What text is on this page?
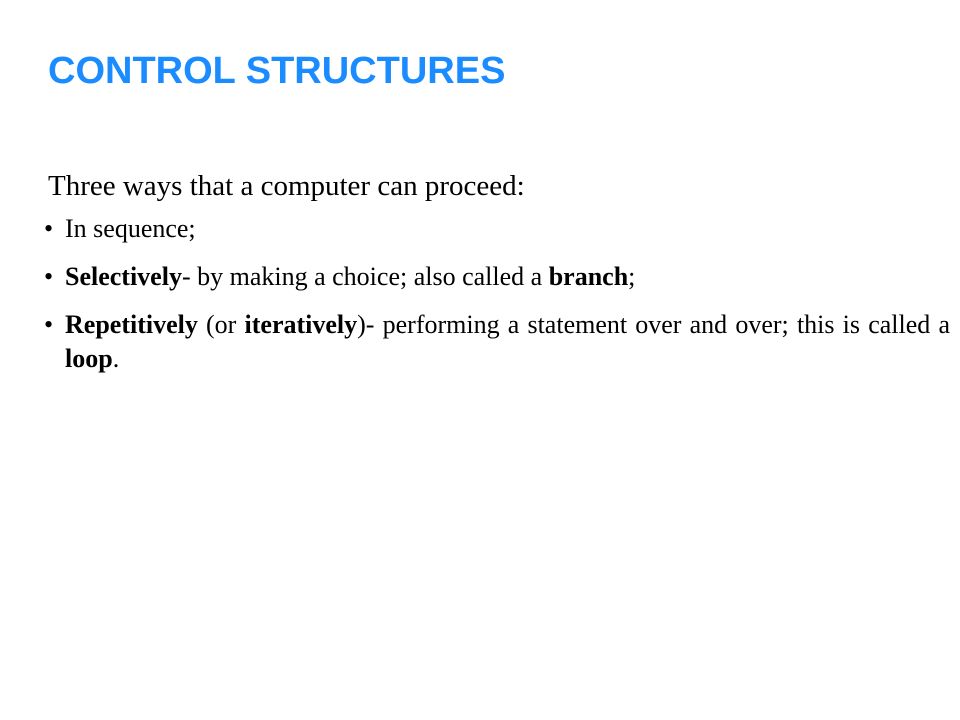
CONTROL STRUCTURES

Three ways that a computer can proceed:

• In sequence;
• Selectively- by making a choice; also called a branch;
• Repetitively (or iteratively)- performing a statement over and over; this is called a loop.
